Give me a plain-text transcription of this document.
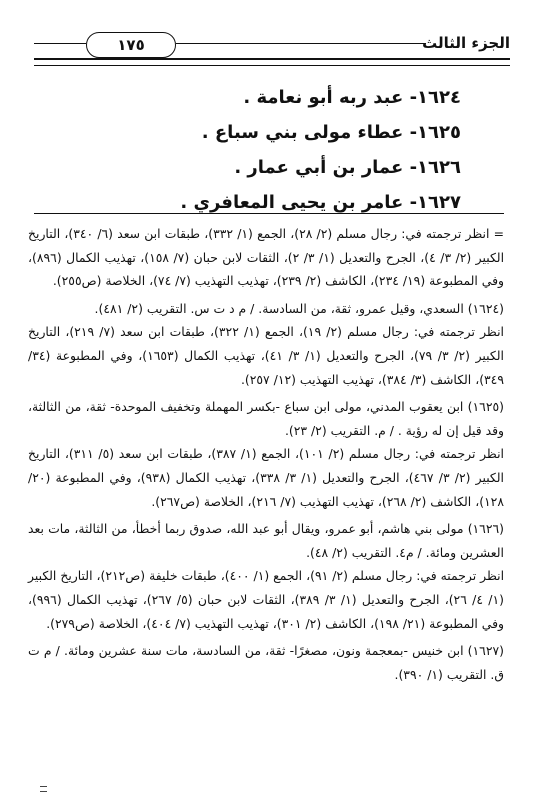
١٧٥	الجزء الثالث
١٦٢٤- عبد ربه أبو نعامة .
١٦٢٥- عطاء مولى بني سباع .
١٦٢٦- عمار بن أبي عمار .
١٦٢٧- عامر بن يحيى المعافري .

= انظر ترجمته في: رجال مسلم (٢/ ٢٨)، الجمع (١/ ٣٣٢)، طبقات ابن سعد (٦/ ٣٤٠)، التاريخ الكبير (٢/ ٣/ ٤)، الجرح والتعديل (١/ ٣/ ٢)، الثقات لابن حبان (٧/ ١٥٨)، تهذيب الكمال (٨٩٦)، وفي المطبوعة (١٩/ ٢٣٤)، الكاشف (٢/ ٢٣٩)، تهذيب التهذيب (٧/ ٧٤)، الخلاصة (ص٢٥٥).

(١٦٢٤) السعدي، وقيل عمرو، ثقة، من السادسة. / م د ت س. التقريب (٢/ ٤٨١).

انظر ترجمته في: رجال مسلم (٢/ ١٩)، الجمع (١/ ٣٢٢)، طبقات ابن سعد (٧/ ٢١٩)، التاريخ الكبير (٢/ ٣/ ٧٩)، الجرح والتعديل (١/ ٣/ ٤١)، تهذيب الكمال (١٦٥٣)، وفي المطبوعة (٣٤/ ٣٤٩)، الكاشف (٣/ ٣٨٤)، تهذيب التهذيب (١٢/ ٢٥٧).

(١٦٢٥) ابن يعقوب المدني، مولى ابن سباع -بكسر المهملة وتخفيف الموحدة- ثقة، من الثالثة، وقد قيل إن له رؤية . / م. التقريب (٢/ ٢٣).

انظر ترجمته في: رجال مسلم (٢/ ١٠١)، الجمع (١/ ٣٨٧)، طبقات ابن سعد (٥/ ٣١١)، التاريخ الكبير (٢/ ٣/ ٤٦٧)، الجرح والتعديل (١/ ٣/ ٣٣٨)، تهذيب الكمال (٩٣٨)، وفي المطبوعة (٢٠/ ١٢٨)، الكاشف (٢/ ٢٦٨)، تهذيب التهذيب (٧/ ٢١٦)، الخلاصة (ص٢٦٧).

(١٦٢٦) مولى بني هاشم، أبو عمرو، ويقال أبو عبد الله، صدوق ربما أخطأ، من الثالثة، مات بعد العشرين ومائة. / م٤. التقريب (٢/ ٤٨).

انظر ترجمته في: رجال مسلم (٢/ ٩١)، الجمع (١/ ٤٠٠)، طبقات خليفة (ص٢١٢)، التاريخ الكبير (١/ ٤/ ٢٦)، الجرح والتعديل (١/ ٣/ ٣٨٩)، الثقات لابن حبان (٥/ ٢٦٧)، تهذيب الكمال (٩٩٦)، وفي المطبوعة (٢١/ ١٩٨)، الكاشف (٢/ ٣٠١)، تهذيب التهذيب (٧/ ٤٠٤)، الخلاصة (ص٢٧٩).

(١٦٢٧) ابن خنيس -بمعجمة ونون، مصغرًا- ثقة، من السادسة، مات سنة عشرين ومائة. / م ت ق. التقريب (١/ ٣٩٠).
